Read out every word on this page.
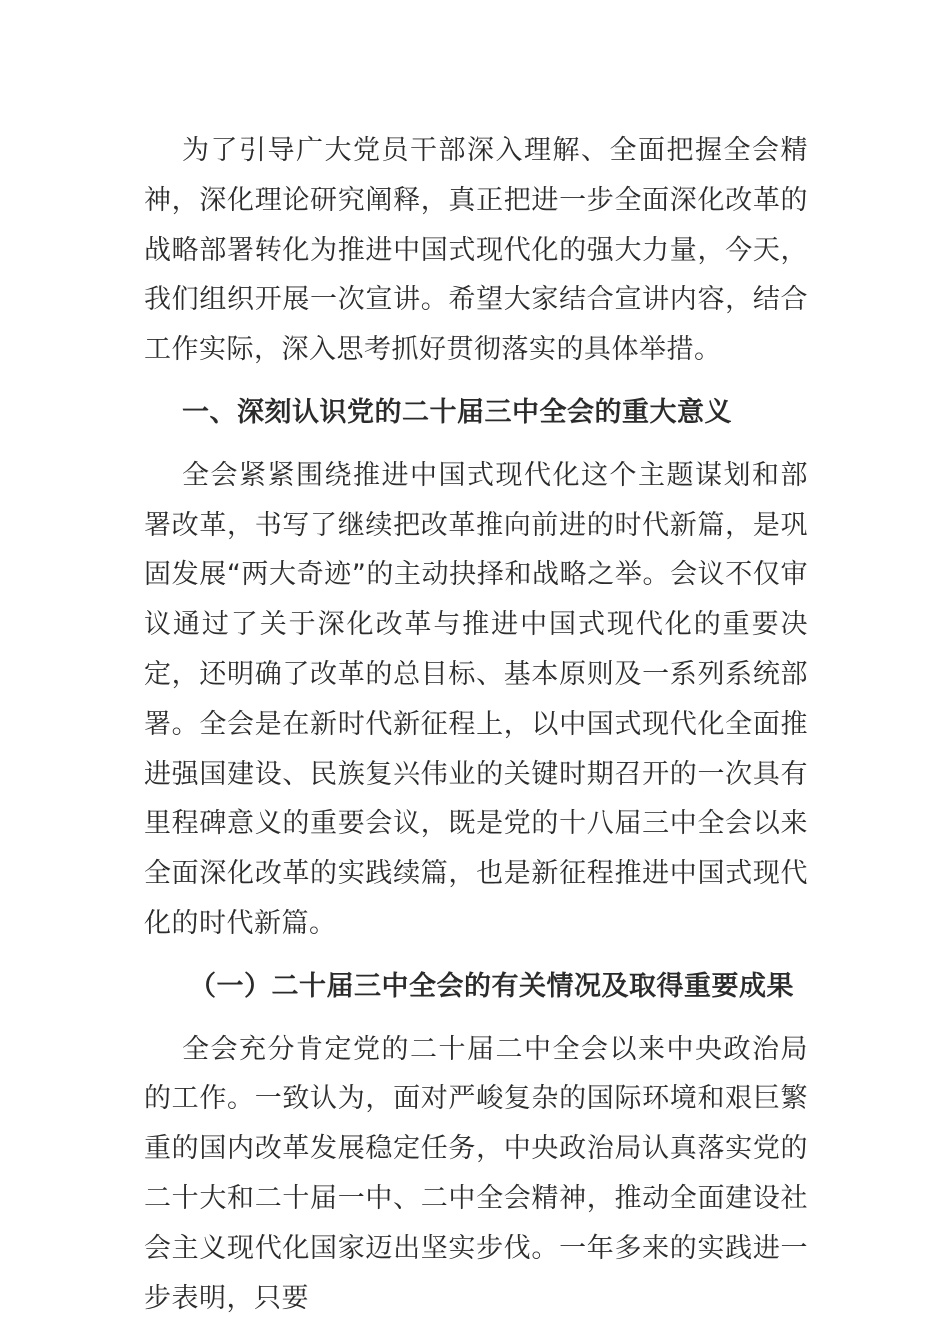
为了引导广大党员干部深入理解、全面把握全会精神，深化理论研究阐释，真正把进一步全面深化改革的战略部署转化为推进中国式现代化的强大力量，今天，我们组织开展一次宣讲。希望大家结合宣讲内容，结合工作实际，深入思考抓好贯彻落实的具体举措。

一、深刻认识党的二十届三中全会的重大意义

全会紧紧围绕推进中国式现代化这个主题谋划和部署改革，书写了继续把改革推向前进的时代新篇，是巩固发展“两大奇迹”的主动抉择和战略之举。会议不仅审议通过了关于深化改革与推进中国式现代化的重要决定，还明确了改革的总目标、基本原则及一系列系统部署。全会是在新时代新征程上，以中国式现代化全面推进强国建设、民族复兴伟业的关键时期召开的一次具有里程碑意义的重要会议，既是党的十八届三中全会以来全面深化改革的实践续篇，也是新征程推进中国式现代化的时代新篇。

（一）二十届三中全会的有关情况及取得重要成果

全会充分肯定党的二十届二中全会以来中央政治局的工作。一致认为，面对严峻复杂的国际环境和艰巨繁重的国内改革发展稳定任务，中央政治局认真落实党的二十大和二十届一中、二中全会精神，推动全面建设社会主义现代化国家迈出坚实步伐。一年多来的实践进一步表明，只要
